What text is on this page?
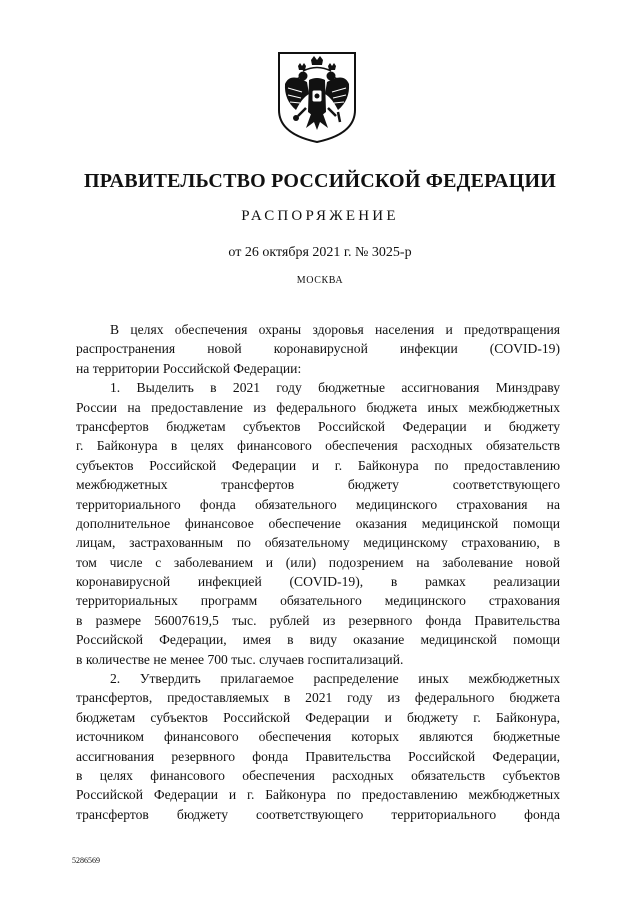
ПРАВИТЕЛЬСТВО РОССИЙСКОЙ ФЕДЕРАЦИИ

РАСПОРЯЖЕНИЕ

от 26 октября 2021 г. № 3025-р

МОСКВА

В целях обеспечения охраны здоровья населения и предотвращения
распространения новой коронавирусной инфекции (COVID-19)
на территории Российской Федерации:
1. Выделить в 2021 году бюджетные ассигнования Минздраву
России на предоставление из федерального бюджета иных межбюджетных
трансфертов бюджетам субъектов Российской Федерации и бюджету
г. Байконура в целях финансового обеспечения расходных обязательств
субъектов Российской Федерации и г. Байконура по предоставлению
межбюджетных трансфертов бюджету соответствующего
территориального фонда обязательного медицинского страхования на
дополнительное финансовое обеспечение оказания медицинской помощи
лицам, застрахованным по обязательному медицинскому страхованию, в
том числе с заболеванием и (или) подозрением на заболевание новой
коронавирусной инфекцией (COVID-19), в рамках реализации
территориальных программ обязательного медицинского страхования
в размере 56007619,5 тыс. рублей из резервного фонда Правительства
Российской Федерации, имея в виду оказание медицинской помощи
в количестве не менее 700 тыс. случаев госпитализаций.
2. Утвердить прилагаемое распределение иных межбюджетных
трансфертов, предоставляемых в 2021 году из федерального бюджета
бюджетам субъектов Российской Федерации и бюджету г. Байконура,
источником финансового обеспечения которых являются бюджетные
ассигнования резервного фонда Правительства Российской Федерации,
в целях финансового обеспечения расходных обязательств субъектов
Российской Федерации и г. Байконура по предоставлению межбюджетных
трансфертов бюджету соответствующего территориального фонда

5286569
